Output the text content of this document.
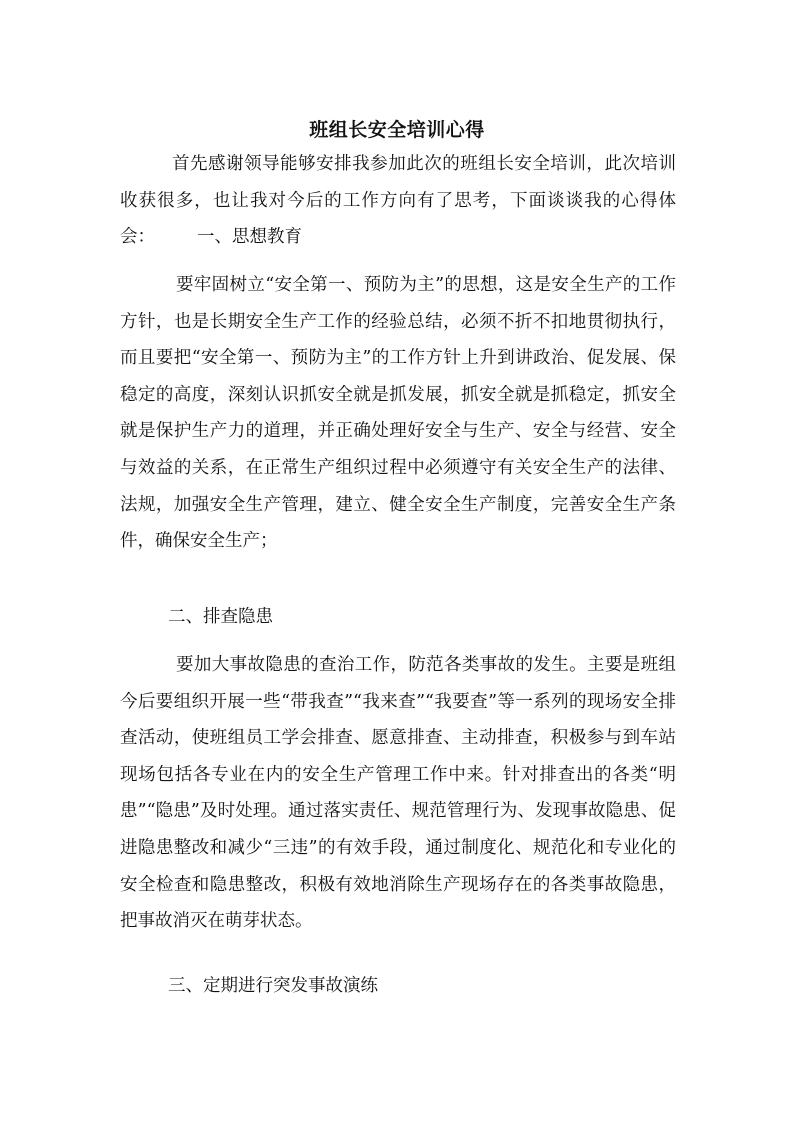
班组长安全培训心得

首先感谢领导能够安排我参加此次的班组长安全培训，此次培训收获很多，也让我对今后的工作方向有了思考，下面谈谈我的心得体会： 一、思想教育

要牢固树立“安全第一、预防为主”的思想，这是安全生产的工作方针，也是长期安全生产工作的经验总结，必须不折不扣地贯彻执行，而且要把“安全第一、预防为主”的工作方针上升到讲政治、促发展、保稳定的高度，深刻认识抓安全就是抓发展，抓安全就是抓稳定，抓安全就是保护生产力的道理，并正确处理好安全与生产、安全与经营、安全与效益的关系，在正常生产组织过程中必须遵守有关安全生产的法律、法规，加强安全生产管理，建立、健全安全生产制度，完善安全生产条件，确保安全生产；

二、排查隐患

要加大事故隐患的查治工作，防范各类事故的发生。主要是班组今后要组织开展一些“带我查”“我来查”“我要查”等一系列的现场安全排查活动，使班组员工学会排查、愿意排查、主动排查，积极参与到车站现场包括各专业在内的安全生产管理工作中来。针对排查出的各类“明患”“隐患”及时处理。通过落实责任、规范管理行为、发现事故隐患、促进隐患整改和减少“三违”的有效手段，通过制度化、规范化和专业化的安全检查和隐患整改，积极有效地消除生产现场存在的各类事故隐患，把事故消灭在萌芽状态。

三、定期进行突发事故演练
